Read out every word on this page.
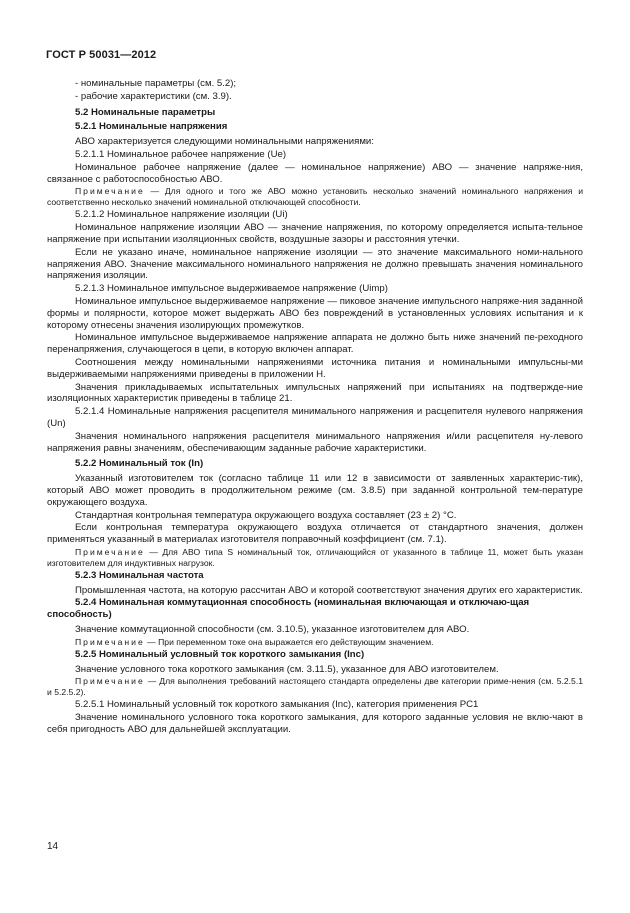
ГОСТ Р 50031—2012
- номинальные параметры (см. 5.2);
- рабочие характеристики (см. 3.9).
5.2 Номинальные параметры
5.2.1 Номинальные напряжения
АВО характеризуется следующими номинальными напряжениями:
5.2.1.1 Номинальное рабочее напряжение (Ue)
Номинальное рабочее напряжение (далее — номинальное напряжение) АВО — значение напряже-ния, связанное с работоспособностью АВО.
Примечание — Для одного и того же АВО можно установить несколько значений номинального напряжения и соответственно несколько значений номинальной отключающей способности.
5.2.1.2 Номинальное напряжение изоляции (Ui)
Номинальное напряжение изоляции АВО — значение напряжения, по которому определяется испыта-тельное напряжение при испытании изоляционных свойств, воздушные зазоры и расстояния утечки.
Если не указано иначе, номинальное напряжение изоляции — это значение максимального номи-нального напряжения АВО. Значение максимального номинального напряжения не должно превышать значения номинального напряжения изоляции.
5.2.1.3 Номинальное импульсное выдерживаемое напряжение (Uimp)
Номинальное импульсное выдерживаемое напряжение — пиковое значение импульсного напряже-ния заданной формы и полярности, которое может выдержать АВО без повреждений в установленных условиях испытания и к которому отнесены значения изолирующих промежутков.
Номинальное импульсное выдерживаемое напряжение аппарата не должно быть ниже значений пе-реходного перенапряжения, случающегося в цепи, в которую включен аппарат.
Соотношения между номинальными напряжениями источника питания и номинальными импульсны-ми выдерживаемыми напряжениями приведены в приложении Н.
Значения прикладываемых испытательных импульсных напряжений при испытаниях на подтвержде-ние изоляционных характеристик приведены в таблице 21.
5.2.1.4 Номинальные напряжения расцепителя минимального напряжения и расцепителя нулевого напряжения (Un)
Значения номинального напряжения расцепителя минимального напряжения и/или расцепителя ну-левого напряжения равны значениям, обеспечивающим заданные рабочие характеристики.
5.2.2 Номинальный ток (In)
Указанный изготовителем ток (согласно таблице 11 или 12 в зависимости от заявленных характерис-тик), который АВО может проводить в продолжительном режиме (см. 3.8.5) при заданной контрольной тем-пературе окружающего воздуха.
Стандартная контрольная температура окружающего воздуха составляет (23 ± 2) °С.
Если контрольная температура окружающего воздуха отличается от стандартного значения, должен применяться указанный в материалах изготовителя поправочный коэффициент (см. 7.1).
Примечание — Для АВО типа S номинальный ток, отличающийся от указанного в таблице 11, может быть указан изготовителем для индуктивных нагрузок.
5.2.3 Номинальная частота
Промышленная частота, на которую рассчитан АВО и которой соответствуют значения других его характеристик.
5.2.4 Номинальная коммутационная способность (номинальная включающая и отключаю-щая способность)
Значение коммутационной способности (см. 3.10.5), указанное изготовителем для АВО.
Примечание — При переменном токе она выражается его действующим значением.
5.2.5 Номинальный условный ток короткого замыкания (Inc)
Значение условного тока короткого замыкания (см. 3.11.5), указанное для АВО изготовителем.
Примечание — Для выполнения требований настоящего стандарта определены две категории приме-нения (см. 5.2.5.1 и 5.2.5.2).
5.2.5.1 Номинальный условный ток короткого замыкания (Inc), категория применения PC1
Значение номинального условного тока короткого замыкания, для которого заданные условия не вклю-чают в себя пригодность АВО для дальнейшей эксплуатации.
14
